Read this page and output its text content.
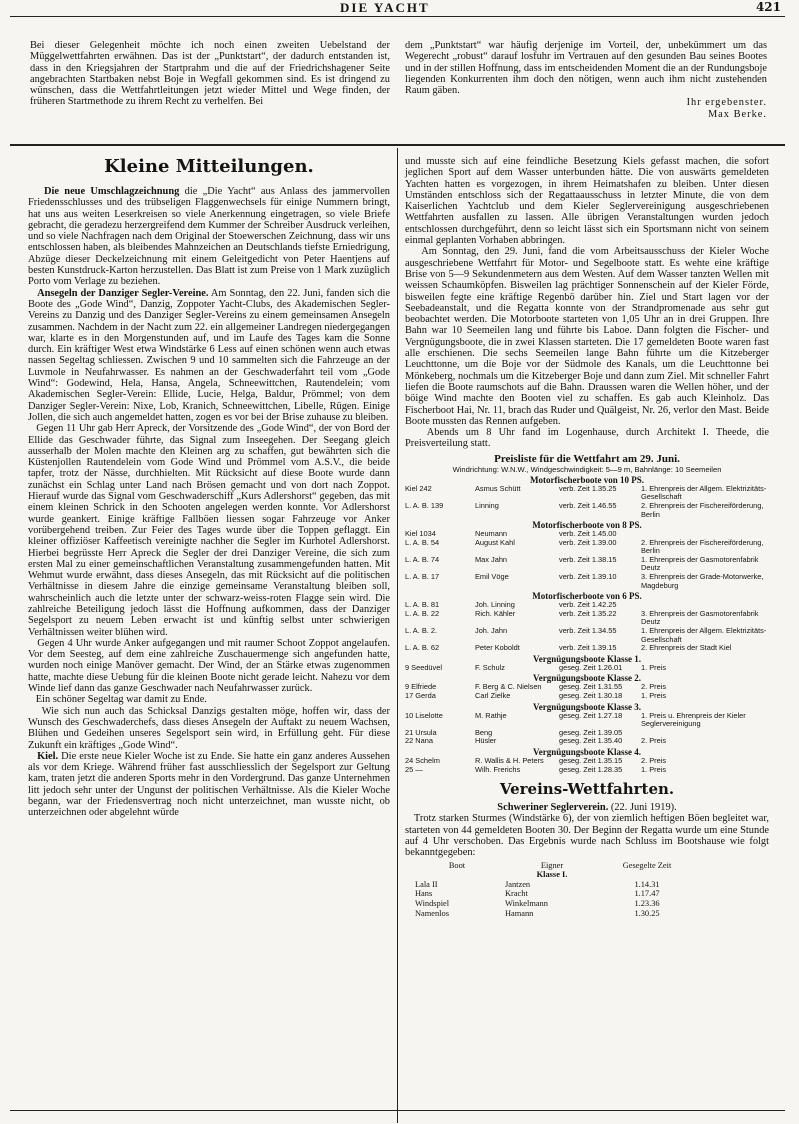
DIE YACHT	421

Bei dieser Gelegenheit möchte ich noch einen zweiten Uebelstand der Müggelwettfahrten erwähnen. Das ist der „Punktstart“, der dadurch entstanden ist, dass in den Kriegsjahren der Startprahm und die auf der Friedrichshagener Seite angebrachten Startbaken nebst Boje in Wegfall gekommen sind. Es ist dringend zu wünschen, dass die Wettfahrtleitungen jetzt wieder Mittel und Wege finden, der früheren Startmethode zu ihrem Recht zu verhelfen. Bei

dem „Punktstart“ war häufig derjenige im Vorteil, der, unbekümmert um das Wegerecht „robust“ darauf losfuhr im Vertrauen auf den gesunden Bau seines Bootes und in der stillen Hoffnung, dass im entscheidenden Moment die an der Rundungsboje liegenden Konkurrenten ihm doch den nötigen, wenn auch ihm nicht zustehenden Raum gäben.

Ihr ergebenster.

Max Berke.

Kleine Mitteilungen.

Die neue Umschlagzeichnung die „Die Yacht“ aus Anlass des jammervollen Friedensschlusses und des trübseligen Flaggenwechsels für einige Nummern bringt, hat uns aus weiten Leserkreisen so viele Anerkennung eingetragen, so viele Briefe gebracht, die geradezu herzergreifend dem Kummer der Schreiber Ausdruck verleihen, und so viele Nachfragen nach dem Original der Stoewerschen Zeichnung, dass wir uns entschlossen haben, als bleibendes Mahnzeichen an Deutschlands tiefste Erniedrigung, Abzüge dieser Deckelzeichnung mit einem Geleitgedicht von Peter Haentjens auf besten Kunstdruck-Karton herzustellen. Das Blatt ist zum Preise von 1 Mark zuzüglich Porto vom Verlage zu beziehen.

Ansegeln der Danziger Segler-Vereine. Am Sonntag, den 22. Juni, fanden sich die Boote des „Gode Wind“, Danzig, Zoppoter Yacht-Clubs, des Akademischen Segler-Vereins zu Danzig und des Danziger Segler-Vereins zu einem gemeinsamen Ansegeln zusammen. Nachdem in der Nacht zum 22. ein allgemeiner Landregen niedergegangen war, klarte es in den Morgenstunden auf, und im Laufe des Tages kam die Sonne durch. Ein kräftiger West etwa Windstärke 6 Less auf einen schönen wenn auch etwas nassen Segeltag schliessen. Zwischen 9 und 10 sammelten sich die Fahrzeuge an der Luvmole in Neufahrwasser. Es nahmen an der Geschwaderfahrt teil vom „Gode Wind“: Godewind, Hela, Hansa, Angela, Schneewittchen, Rautendelein; vom Akademischen Segler-Verein: Ellide, Lucie, Helga, Baldur, Prömmel; von dem Danziger Segler-Verein: Nixe, Lob, Kranich, Schneewittchen, Libelle, Rügen. Einige Jollen, die sich auch angemeldet hatten, zogen es vor bei der Brise zuhause zu bleiben.

Gegen 11 Uhr gab Herr Apreck, der Vorsitzende des „Gode Wind“, der von Bord der Ellide das Geschwader führte, das Signal zum Inseegehen. Der Seegang gleich ausserhalb der Molen machte den Kleinen arg zu schaffen, gut bewährten sich die Küstenjollen Rautendelein vom Gode Wind und Prömmel vom A.S.V., die beide tapfer, trotz der Nässe, durchhielten. Mit Rücksicht auf diese Boote wurde dann zunächst ein Schlag unter Land nach Brösen gemacht und von dort nach Zoppot. Hierauf wurde das Signal vom Geschwaderschiff „Kurs Adlershorst“ gegeben, das mit einem kleinen Schrick in den Schooten angelegen werden konnte. Vor Adlershorst wurde geankert. Einige kräftige Fallböen liessen sogar Fahrzeuge vor Anker vorübergehend treiben. Zur Feier des Tages wurde über die Toppen geflaggt. Ein kleiner offiziöser Kaffeetisch vereinigte nachher die Segler im Kurhotel Adlershorst. Hierbei begrüsste Herr Apreck die Segler der drei Danziger Vereine, die sich zum ersten Mal zu einer gemeinschaftlichen Veranstaltung zusammengefunden hatten. Mit Wehmut wurde erwähnt, dass dieses Ansegeln, das mit Rücksicht auf die politischen Verhältnisse in diesem Jahre die einzige gemeinsame Veranstaltung bleiben soll, wahrscheinlich auch die letzte unter der schwarz-weiss-roten Flagge sein wird. Die zahlreiche Beteiligung jedoch lässt die Hoffnung aufkommen, dass der Danziger Segelsport zu neuem Leben erwacht ist und künftig selbst unter schwierigen Verhältnissen weiter blühen wird.

Gegen 4 Uhr wurde Anker aufgegangen und mit raumer Schoot Zoppot angelaufen. Vor dem Seesteg, auf dem eine zahlreiche Zuschauermenge sich angefunden hatte, wurden noch einige Manöver gemacht. Der Wind, der an Stärke etwas zugenommen hatte, machte diese Uebung für die kleinen Boote nicht gerade leicht. Nahezu vor dem Winde lief dann das ganze Geschwader nach Neufahrwasser zurück.

Ein schöner Segeltag war damit zu Ende.

Wie sich nun auch das Schicksal Danzigs gestalten möge, hoffen wir, dass der Wunsch des Geschwaderchefs, dass dieses Ansegeln der Auftakt zu neuem Wachsen, Blühen und Gedeihen unseres Segelsport sein wird, in Erfüllung geht. Für diese Zukunft ein kräftiges „Gode Wind“.

Kiel. Die erste neue Kieler Woche ist zu Ende. Sie hatte ein ganz anderes Aussehen als vor dem Kriege. Während früher fast ausschliesslich der Segelsport zur Geltung kam, traten jetzt die anderen Sports mehr in den Vordergrund. Das ganze Unternehmen litt jedoch sehr unter der Ungunst der politischen Verhältnisse. Als die Kieler Woche begann, war der Friedensvertrag noch nicht unterzeichnet, man wusste nicht, ob unterzeichnen oder abgelehnt würde

und musste sich auf eine feindliche Besetzung Kiels gefasst machen, die sofort jeglichen Sport auf dem Wasser unterbunden hätte. Die von auswärts gemeldeten Yachten hatten es vorgezogen, in ihrem Heimatshafen zu bleiben. Unter diesen Umständen entschloss sich der Regattaausschuss in letzter Minute, die von dem Kaiserlichen Yachtclub und dem Kieler Seglervereinigung ausgeschriebenen Wettfahrten ausfallen zu lassen. Alle übrigen Veranstaltungen wurden jedoch entschlossen durchgeführt, denn so leicht lässt sich ein Sportsmann nicht von seinem einmal geplanten Vorhaben abbringen.

Am Sonntag, den 29. Juni, fand die vom Arbeitsausschuss der Kieler Woche ausgeschriebene Wettfahrt für Motor- und Segelboote statt. Es wehte eine kräftige Brise von 5—9 Sekundenmetern aus dem Westen. Auf dem Wasser tanzten Wellen mit weissen Schaumköpfen. Bisweilen lag prächtiger Sonnenschein auf der Kieler Förde, bisweilen fegte eine kräftige Regenbö darüber hin. Ziel und Start lagen vor der Seebadeanstalt, und die Regatta konnte von der Strandpromenade aus sehr gut beobachtet werden. Die Motorboote starteten von 1,05 Uhr an in drei Gruppen. Ihre Bahn war 10 Seemeilen lang und führte bis Laboe. Dann folgten die Fischer- und Vergnügungsboote, die in zwei Klassen starteten. Die 17 gemeldeten Boote waren fast alle erschienen. Die sechs Seemeilen lange Bahn führte um die Kitzeberger Leuchttonne, um die Boje vor der Südmole des Kanals, um die Leuchttonne bei Mönkeberg, nochmals um die Kitzeberger Boje und dann zum Ziel. Mit schneller Fahrt liefen die Boote raumschots auf die Bahn. Draussen waren die Wellen höher, und der böige Wind machte den Booten viel zu schaffen. Es gab auch Kleinholz. Das Fischerboot Hai, Nr. 11, brach das Ruder und Quälgeist, Nr. 26, verlor den Mast. Beide Boote mussten das Rennen aufgeben.

Abends um 8 Uhr fand im Logenhause, durch Architekt I. Theede, die Preisverteilung statt.

Preisliste für die Wettfahrt am 29. Juni.
Windrichtung: W.N.W., Windgeschwindigkeit: 5—9 m, Bahnlänge: 10 Seemeilen
Motorfischerboote von 10 PS.
Kiel 242	Asmus Schütt	verb. Zeit 1.35.25	1. Ehrenpreis der Allgem. Elektrizitäts-Gesellschaft
L. A. B. 139	Linning	verb. Zeit 1.46.55	2. Ehrenpreis der Fischereiförderung, Berlin
Motorfischerboote von 8 PS.
Kiel 1034	Neumann	verb. Zeit 1.45.00	
L. A. B. 54	August Kahl	verb. Zeit 1.39.00	2. Ehrenpreis der Fischereiförderung, Berlin
L. A. B. 74	Max Jahn	verb. Zeit 1.38.15	1. Ehrenpreis der Gasmotorenfabrik Deutz
L. A. B. 17	Emil Vöge	verb. Zeit 1.39.10	3. Ehrenpreis der Grade-Motorwerke, Magdeburg
Motorfischerboote von 6 PS.
L. A. B. 81	Joh. Linning	verb. Zeit 1.42.25	
L. A. B. 22	Rich. Kähler	verb. Zeit 1.35.22	3. Ehrenpreis der Gasmotorenfabrik Deutz
L. A. B. 2.	Joh. Jahn	verb. Zeit 1.34.55	1. Ehrenpreis der Allgem. Elektrizitäts-Gesellschaft
L. A. B. 62	Peter Koboldt	verb. Zeit 1.39.15	2. Ehrenpreis der Stadt Kiel
Vergnügungsboote Klasse 1.
9 Seedüvel	F. Schulz	geseg. Zeit 1.26.01	1. Preis
Vergnügungsboote Klasse 2.
9 Elfriede	F. Berg & C. Nielsen	geseg. Zeit 1.31.55	2. Preis
17 Gerda	Carl Zielke	geseg. Zeit 1.30.18	1. Preis
Vergnügungsboote Klasse 3.
10 Liselotte	M. Rathje	geseg. Zeit 1.27.18	1. Preis u. Ehrenpreis der Kieler Seglervereinigung
21 Ursula	Beng	geseg. Zeit 1.39.05	
22 Nana	Hüsler	geseg. Zeit 1.35.40	2. Preis
Vergnügungsboote Klasse 4.
24 Schelm	R. Wallis & H. Peters	geseg. Zeit 1.35.15	2. Preis
25 —	Wilh. Frerichs	geseg. Zeit 1.28.35	1. Preis
Vereins-Wettfahrten.

Schweriner Seglerverein. (22. Juni 1919).

Trotz starken Sturmes (Windstärke 6), der von ziemlich heftigen Böen begleitet war, starteten von 44 gemeldeten Booten 30. Der Beginn der Regatta wurde um eine Stunde auf 4 Uhr verschoben. Das Ergebnis wurde nach Schluss im Bootshause wie folgt bekanntgegeben:

Boot	Eigner	Gesegelte Zeit
Klasse I.		
Lala II	Jantzen	1.14.31
Hans	Kracht	1.17.47
Windspiel	Winkelmann	1.23.36
Namenlos	Hamann	1.30.25
